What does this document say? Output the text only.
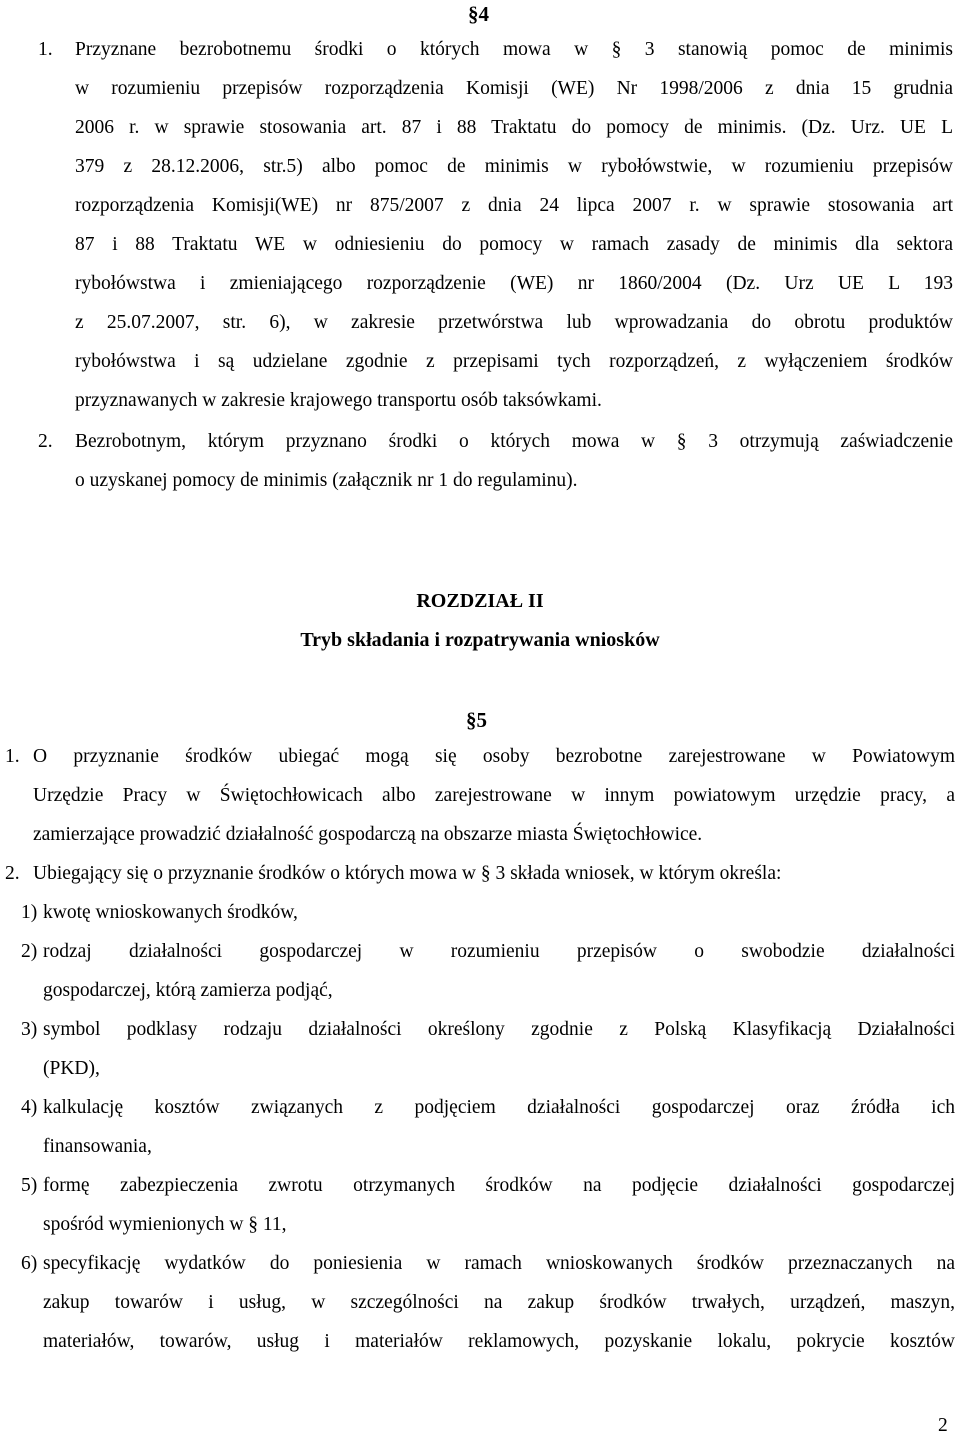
§4
1. Przyznane bezrobotnemu środki o których mowa w § 3 stanowią pomoc de minimis
w rozumieniu przepisów rozporządzenia Komisji (WE) Nr 1998/2006 z dnia 15 grudnia
2006 r. w sprawie stosowania art. 87 i 88 Traktatu do pomocy de minimis. (Dz. Urz. UE L
379 z 28.12.2006, str.5) albo pomoc de minimis w rybołówstwie, w rozumieniu przepisów
rozporządzenia Komisji(WE) nr 875/2007 z dnia 24 lipca 2007 r. w sprawie stosowania art
87 i 88 Traktatu WE w odniesieniu do pomocy w ramach zasady de minimis dla sektora
rybołówstwa i zmieniającego rozporządzenie (WE) nr 1860/2004 (Dz. Urz UE L 193
z 25.07.2007, str. 6), w zakresie przetwórstwa lub wprowadzania do obrotu produktów
rybołówstwa i są udzielane zgodnie z przepisami tych rozporządzeń, z wyłączeniem środków
przyznawanych w zakresie krajowego transportu osób taksówkami.
2. Bezrobotnym, którym przyznano środki o których mowa w § 3 otrzymują zaświadczenie
o uzyskanej pomocy de minimis (załącznik nr 1 do regulaminu).
ROZDZIAŁ II
Tryb składania i rozpatrywania wniosków
§5
1. O przyznanie środków ubiegać mogą się osoby bezrobotne zarejestrowane w Powiatowym
Urzędzie Pracy w Świętochłowicach albo zarejestrowane w innym powiatowym urzędzie pracy, a
zamierzające prowadzić działalność gospodarczą na obszarze miasta Świętochłowice.
2. Ubiegający się o przyznanie środków o których mowa w § 3 składa wniosek, w którym określa:
1) kwotę wnioskowanych środków,
2) rodzaj działalności gospodarczej w rozumieniu przepisów o swobodzie działalności
gospodarczej, którą zamierza podjąć,
3) symbol podklasy rodzaju działalności określony zgodnie z Polską Klasyfikacją Działalności
(PKD),
4) kalkulację kosztów związanych z podjęciem działalności gospodarczej oraz źródła ich
finansowania,
5) formę zabezpieczenia zwrotu otrzymanych środków na podjęcie działalności gospodarczej
spośród wymienionych w § 11,
6) specyfikację wydatków do poniesienia w ramach wnioskowanych środków przeznaczanych na
zakup towarów i usług, w szczególności na zakup środków trwałych, urządzeń, maszyn,
materiałów, towarów, usług i materiałów reklamowych, pozyskanie lokalu, pokrycie kosztów
2
